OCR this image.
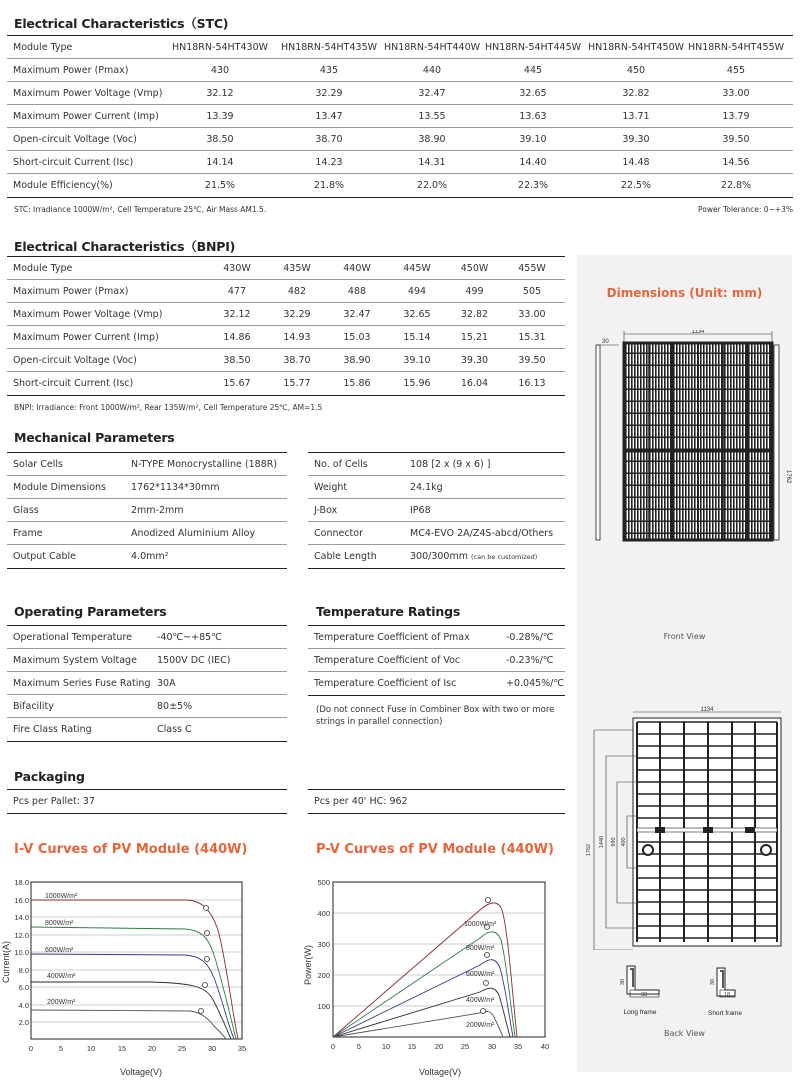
Electrical Characteristics（STC)
Module Type	HN18RN-54HT430W	HN18RN-54HT435W HN18RN-54HT440W HN18RN-54HT445W HN18RN-54HT450W HN18RN-54HT455W
Maximum Power (Pmax)	430	435	440	445	450	455
Maximum Power Voltage (Vmp)	32.12	32.29	32.47	32.65	32.82	33.00
Maximum Power Current (Imp)	13.39	13.47	13.55	13.63	13.71	13.79
Open-circuit Voltage (Voc)	38.50	38.70	38.90	39.10	39.30	39.50
Short-circuit Current (Isc)	14.14	14.23	14.31	14.40	14.48	14.56
Module Efficiency(%)	21.5%	21.8%	22.0%	22.3%	22.5%	22.8%
STC: Irradiance 1000W/m², Cell Temperature 25℃, Air Mass AM1.5.	Power Tolerance: 0~+3%
Electrical Characteristics（BNPI)
Module Type	430W	435W	440W	445W	450W	455W
Maximum Power (Pmax)	477	482	488	494	499	505
Maximum Power Voltage (Vmp)	32.12	32.29	32.47	32.65	32.82	33.00
Maximum Power Current (Imp)	14.86	14.93	15.03	15.14	15.21	15.31
Open-circuit Voltage (Voc)	38.50	38.70	38.90	39.10	39.30	39.50
Short-circuit Current (Isc)	15.67	15.77	15.86	15.96	16.04	16.13
BNPI: Irradiance: Front 1000W/m², Rear 135W/m², Cell Temperature 25℃, AM=1.5
Mechanical Parameters
Solar Cells	N-TYPE Monocrystalline (188R)
Module Dimensions	1762*1134*30mm
Glass	2mm-2mm
Frame	Anodized Aluminium Alloy
Output Cable	4.0mm²
No. of Cells	108 [2 x (9 x 6) ]
Weight	24.1kg
J-Box	IP68
Connector	MC4-EVO 2A/Z4S-abcd/Others
Cable Length	300/300mm (can be customized)
Operating Parameters
Operational Temperature	-40℃~+85℃
Maximum System Voltage	1500V DC (IEC)
Maximum Series Fuse Rating 30A
Bifacility	80±5%
Fire Class Rating	Class C
Temperature Ratings
Temperature Coefficient of Pmax	-0.28%/℃
Temperature Coefficient of Voc	-0.23%/℃
Temperature Coefficient of Isc	+0.045%/℃
(Do not connect Fuse in Combiner Box with two or more strings in parallel connection)
Packaging
Pcs per Pallet: 37	Pcs per 40' HC: 962
Dimensions (Unit: mm)
1134
30
1762
Front View
1134
1762
1440 990 400
33
30
Long frame
18
30
Short frame
Back View
I-V Curves of PV Module (440W)
18.0
16.0
14.0
12.0
10.0
8.0
6.0
4.0
2.0
0	5	10	15	20	25	30	35
1000W/m²
800W/m²
600W/m²
400W/m²
200W/m²
Current(A)
Voltage(V)
P-V Curves of PV Module (440W)
500
400
300
200
100
0	5	10 15 20 25 30 35 40
1000W/m²
800W/m²
600W/m²
400W/m²
200W/m²
Power(W)
Voltage(V)
